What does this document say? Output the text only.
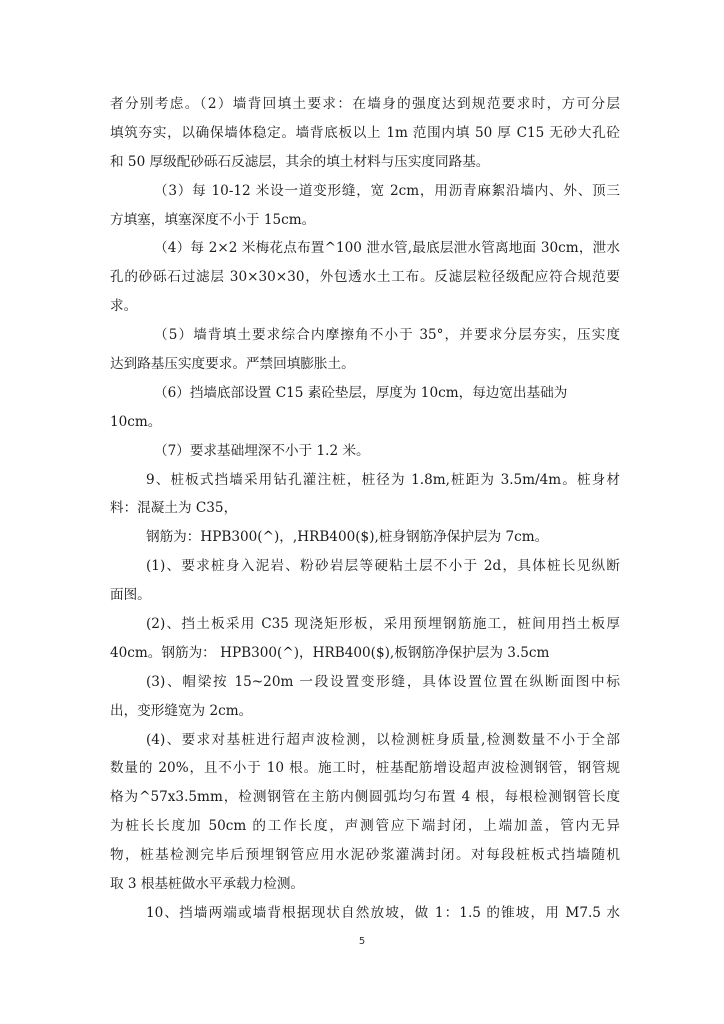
者分别考虑。（2）墙背回填土要求：在墙身的强度达到规范要求时，方可分层
填筑夯实，以确保墙体稳定。墙背底板以上 1m 范围内填 50 厚 C15 无砂大孔砼
和 50 厚级配砂砾石反滤层，其余的填土材料与压实度同路基。
（3）每 10-12 米设一道变形缝，宽 2cm，用沥青麻絮沿墙内、外、顶三
方填塞，填塞深度不小于 15cm。
（4）每 2×2 米梅花点布置^100 泄水管,最底层泄水管离地面 30cm，泄水
孔的砂砾石过滤层 30×30×30，外包透水土工布。反滤层粒径级配应符合规范要
求。
（5）墙背填土要求综合内摩擦角不小于 35°，并要求分层夯实，压实度
达到路基压实度要求。严禁回填膨胀土。
（6）挡墙底部设置 C15 素砼垫层，厚度为 10cm，每边宽出基础为
10cm。
（7）要求基础埋深不小于 1.2 米。
9、桩板式挡墙采用钻孔灌注桩，桩径为 1.8m,桩距为 3.5m/4m。桩身材
料：混凝土为 C35，
钢筋为：HPB300(^)，,HRB400($),桩身钢筋净保护层为 7cm。
(1)、要求桩身入泥岩、粉砂岩层等硬粘土层不小于 2d，具体桩长见纵断
面图。
(2)、挡土板采用 C35 现浇矩形板，采用预埋钢筋施工，桩间用挡土板厚
40cm。钢筋为： HPB300(^)，HRB400($),板钢筋净保护层为 3.5cm
(3)、帽梁按 15~20m 一段设置变形缝，具体设置位置在纵断面图中标
出，变形缝宽为 2cm。
(4)、要求对基桩进行超声波检测，以检测桩身质量,检测数量不小于全部
数量的 20%，且不小于 10 根。施工时，桩基配筋增设超声波检测钢管，钢管规
格为^57x3.5mm，检测钢管在主筋内侧圆弧均匀布置 4 根，每根检测钢管长度
为桩长长度加 50cm 的工作长度，声测管应下端封闭，上端加盖，管内无异
物，桩基检测完毕后预埋钢管应用水泥砂浆灌满封闭。对每段桩板式挡墙随机
取 3 根基桩做水平承载力检测。
10、挡墙两端或墙背根据现状自然放坡，做 1：1.5 的锥坡，用 M7.5 水
5
